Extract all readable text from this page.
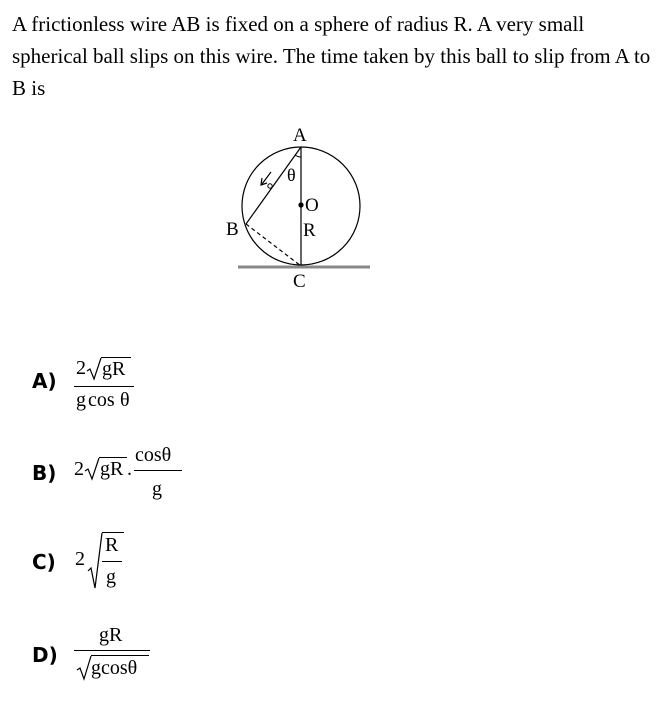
A frictionless wire AB is fixed on a sphere of radius R. A very small spherical ball slips on this wire. The time taken by this ball to slip from A to B is
A
θ
O
B	R
C
A)
2 gR
g cos θ
B) 2 gR .
cosθ
g
C) 2
R
g
D)
gR
gcosθ
